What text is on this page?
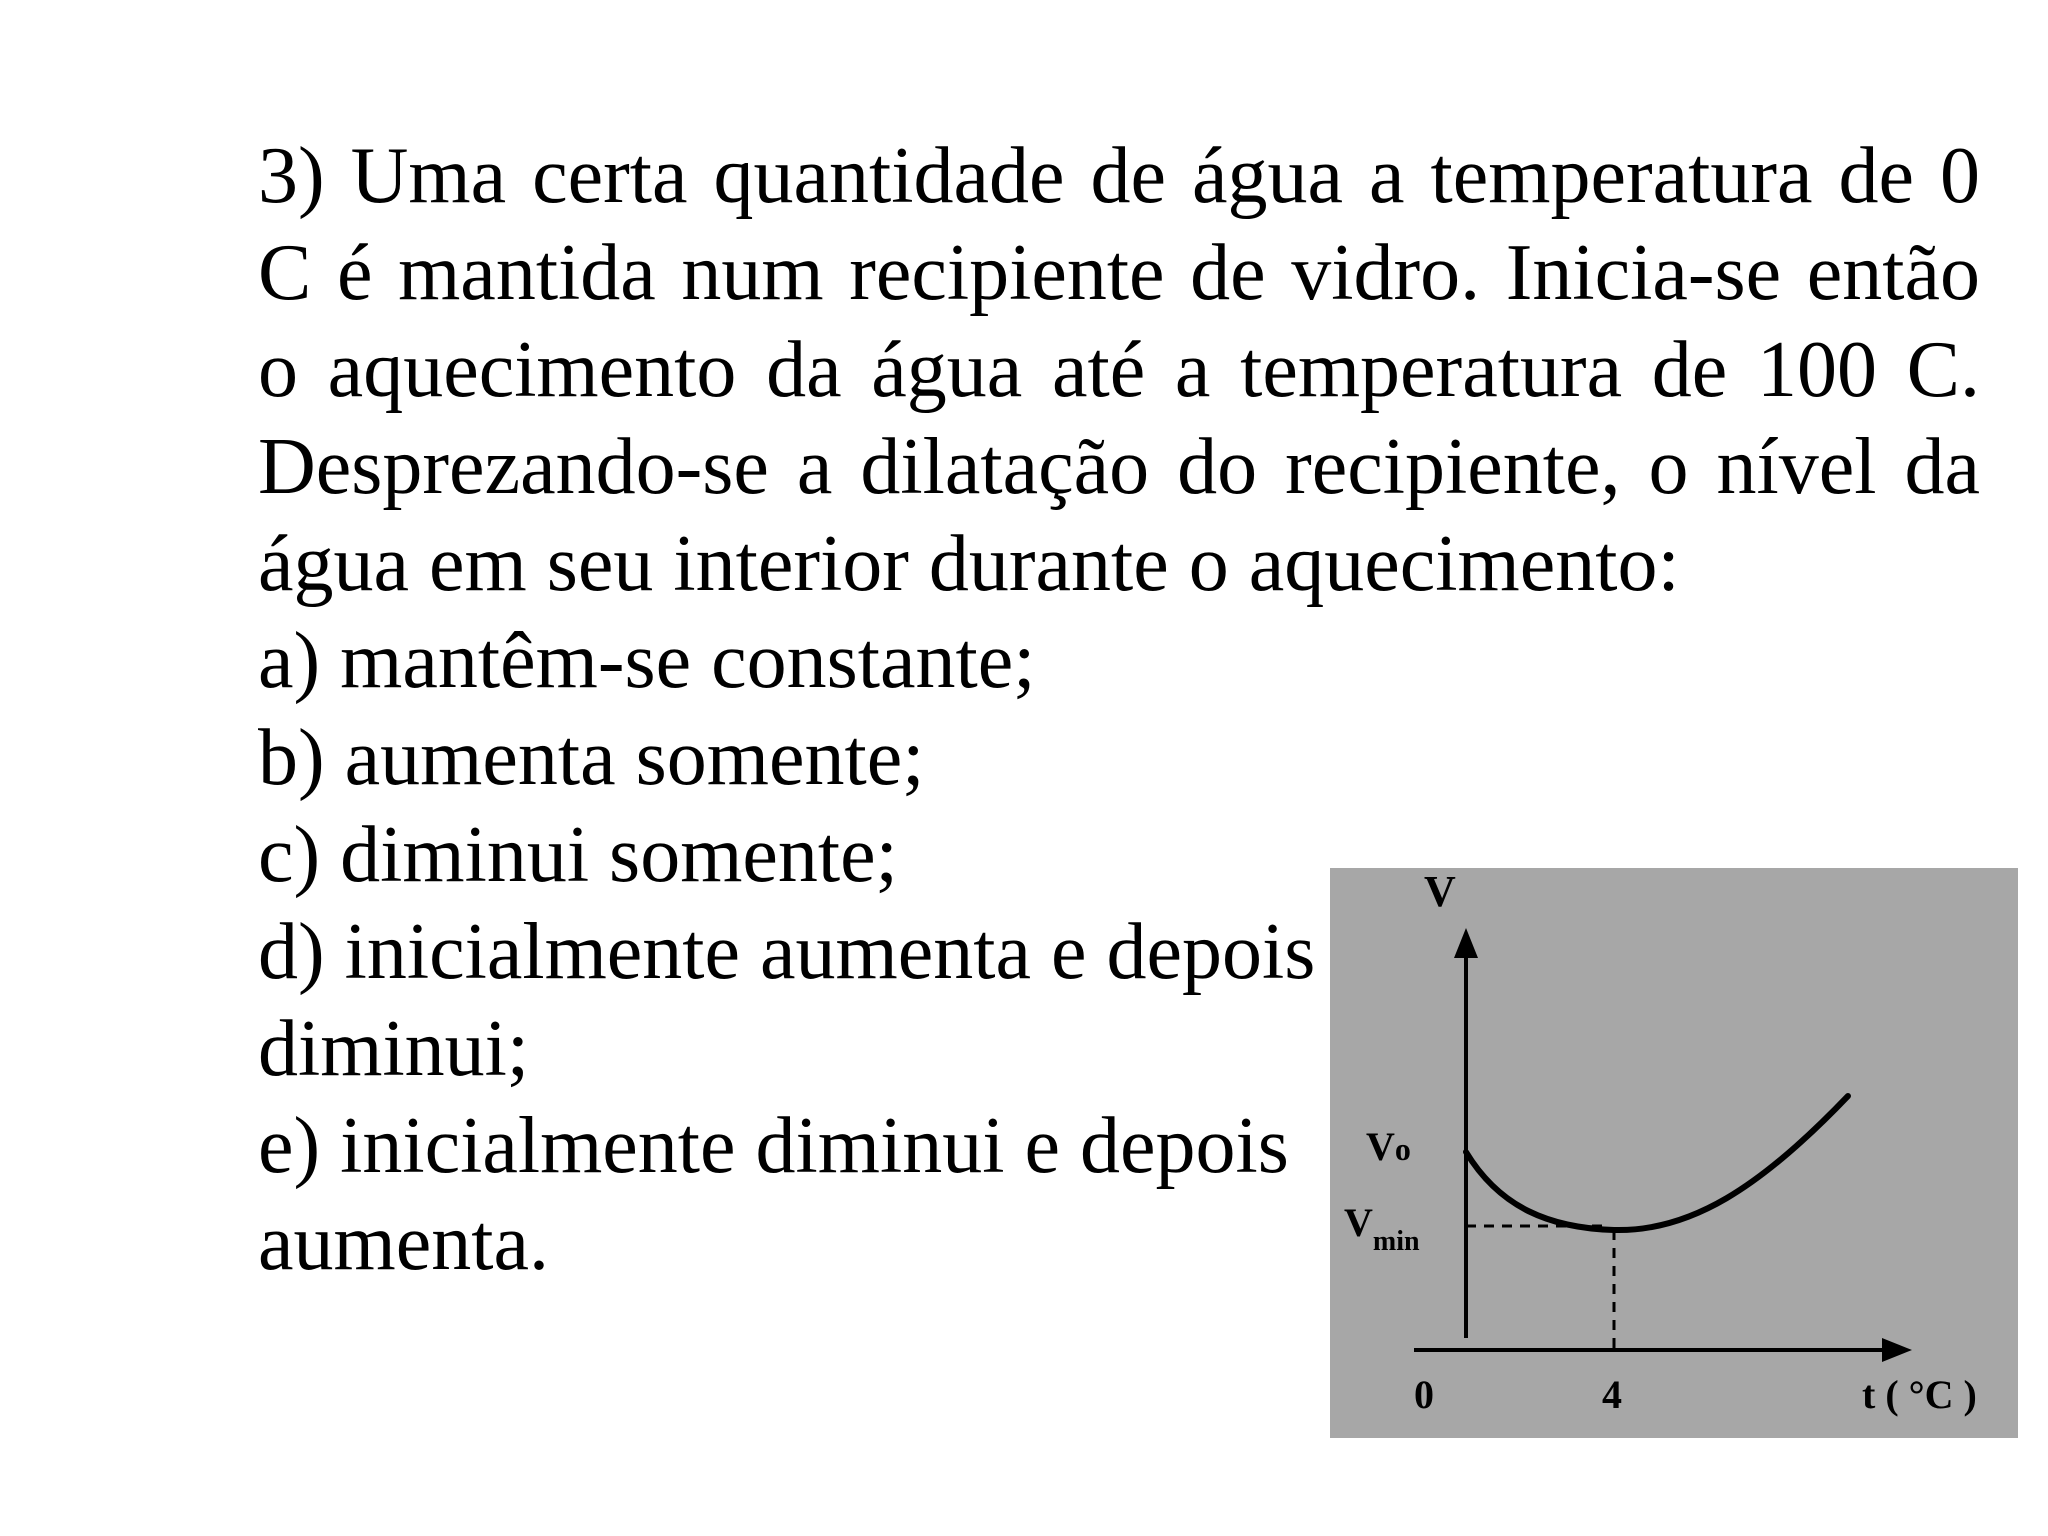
3) Uma certa quantidade de água a temperatura de 0 C é mantida num recipiente de vidro. Inicia-se então o aquecimento da água até a temperatura de 100 C. Desprezando-se a dilatação do recipiente, o nível da água em seu interior durante o aquecimento:

a) mantêm-se constante;

b) aumenta somente;

c) diminui somente;

d) inicialmente aumenta e depois

diminui;

e) inicialmente diminui e depois

aumenta.

V
Vo
$V_{min}$
0	4	t ( °C )
